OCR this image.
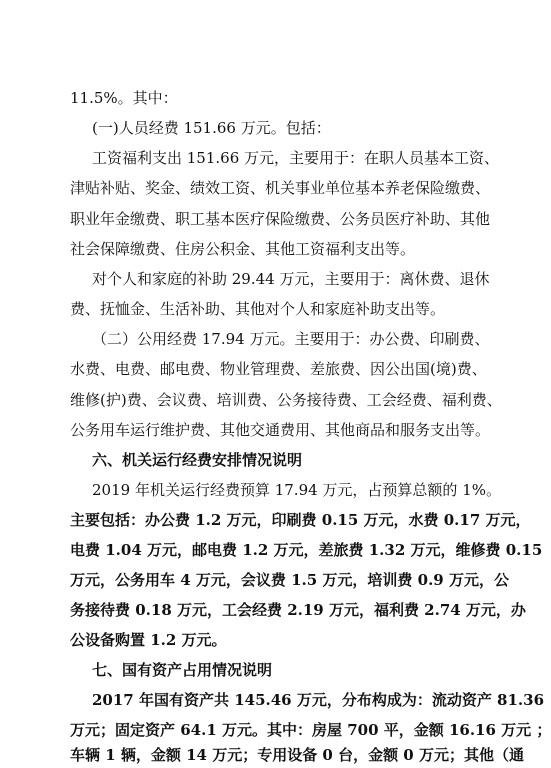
11.5%。其中：
(一)人员经费 151.66 万元。包括：
工资福利支出 151.66 万元，主要用于：在职人员基本工资、
津贴补贴、奖金、绩效工资、机关事业单位基本养老保险缴费、
职业年金缴费、职工基本医疗保险缴费、公务员医疗补助、其他
社会保障缴费、住房公积金、其他工资福利支出等。
对个人和家庭的补助 29.44 万元，主要用于：离休费、退休
费、抚恤金、生活补助、其他对个人和家庭补助支出等。
（二）公用经费 17.94 万元。主要用于：办公费、印刷费、
水费、电费、邮电费、物业管理费、差旅费、因公出国(境)费、
维修(护)费、会议费、培训费、公务接待费、工会经费、福利费、
公务用车运行维护费、其他交通费用、其他商品和服务支出等。
六、机关运行经费安排情况说明
2019 年机关运行经费预算 17.94 万元，占预算总额的 1%。
主要包括：办公费 1.2 万元，印刷费 0.15 万元，水费 0.17 万元，
电费 1.04 万元，邮电费 1.2 万元，差旅费 1.32 万元，维修费 0.15
万元，公务用车 4 万元，会议费 1.5 万元，培训费 0.9 万元，公
务接待费 0.18 万元，工会经费 2.19 万元，福利费 2.74 万元，办
公设备购置 1.2 万元。
七、国有资产占用情况说明
2017 年国有资产共 145.46 万元，分布构成为：流动资产 81.36
万元；固定资产 64.1 万元。其中：房屋 700 平，金额 16.16 万元 ；
车辆 1 辆，金额 14 万元；专用设备 0 台，金额 0 万元；其他（通
